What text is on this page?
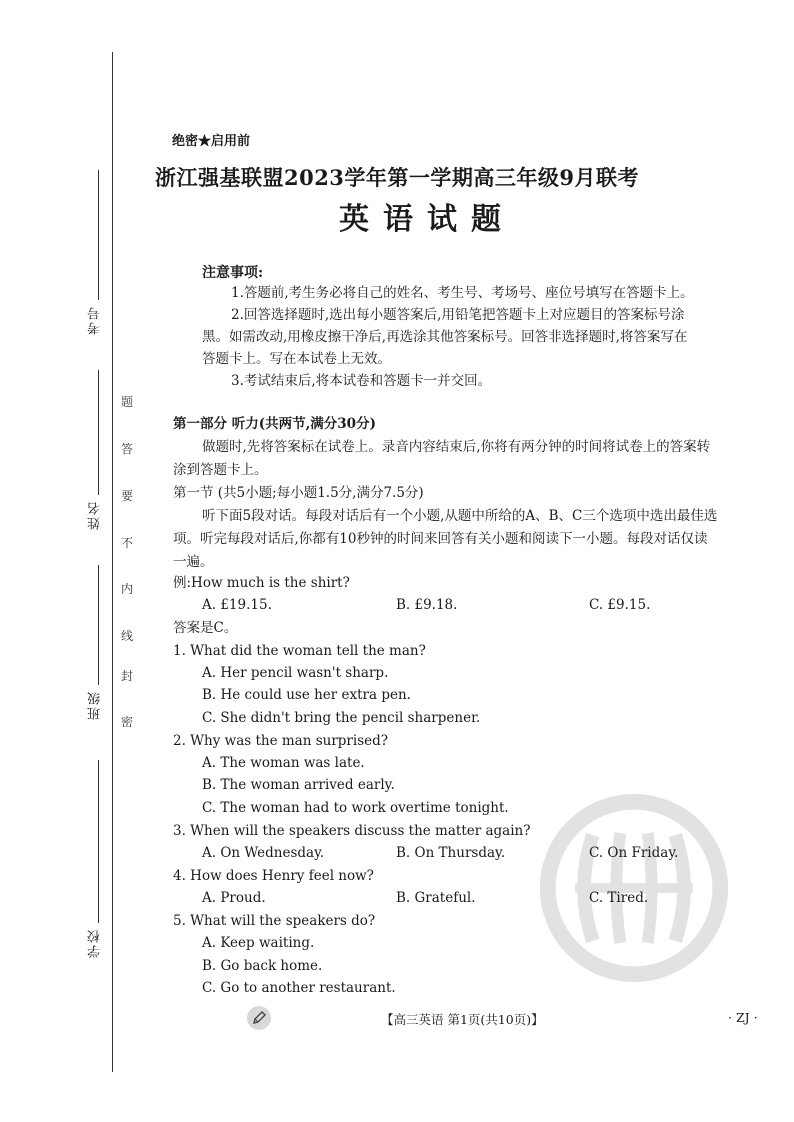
考号
姓名
班级
学校
题
答
要
不
内
线
封
密
绝密★启用前
浙江强基联盟2023学年第一学期高三年级9月联考
英语试题
注意事项:
1.答题前,考生务必将自己的姓名、考生号、考场号、座位号填写在答题卡上。
2.回答选择题时,选出每小题答案后,用铅笔把答题卡上对应题目的答案标号涂
黑。如需改动,用橡皮擦干净后,再选涂其他答案标号。回答非选择题时,将答案写在
答题卡上。写在本试卷上无效。
3.考试结束后,将本试卷和答题卡一并交回。
第一部分 听力(共两节,满分30分)
做题时,先将答案标在试卷上。录音内容结束后,你将有两分钟的时间将试卷上的答案转
涂到答题卡上。
第一节 (共5小题;每小题1.5分,满分7.5分)
听下面5段对话。每段对话后有一个小题,从题中所给的A、B、C三个选项中选出最佳选
项。听完每段对话后,你都有10秒钟的时间来回答有关小题和阅读下一小题。每段对话仅读
一遍。
例:How much is the shirt?
A. £19.15.	B. £9.18.	C. £9.15.
答案是C。
1. What did the woman tell the man?
A. Her pencil wasn't sharp.
B. He could use her extra pen.
C. She didn't bring the pencil sharpener.
2. Why was the man surprised?
A. The woman was late.
B. The woman arrived early.
C. The woman had to work overtime tonight.
3. When will the speakers discuss the matter again?
A. On Wednesday.	B. On Thursday.	C. On Friday.
4. How does Henry feel now?
A. Proud.	B. Grateful.	C. Tired.
5. What will the speakers do?
A. Keep waiting.
B. Go back home.
C. Go to another restaurant.
【高三英语 第1页(共10页)】	· ZJ ·
